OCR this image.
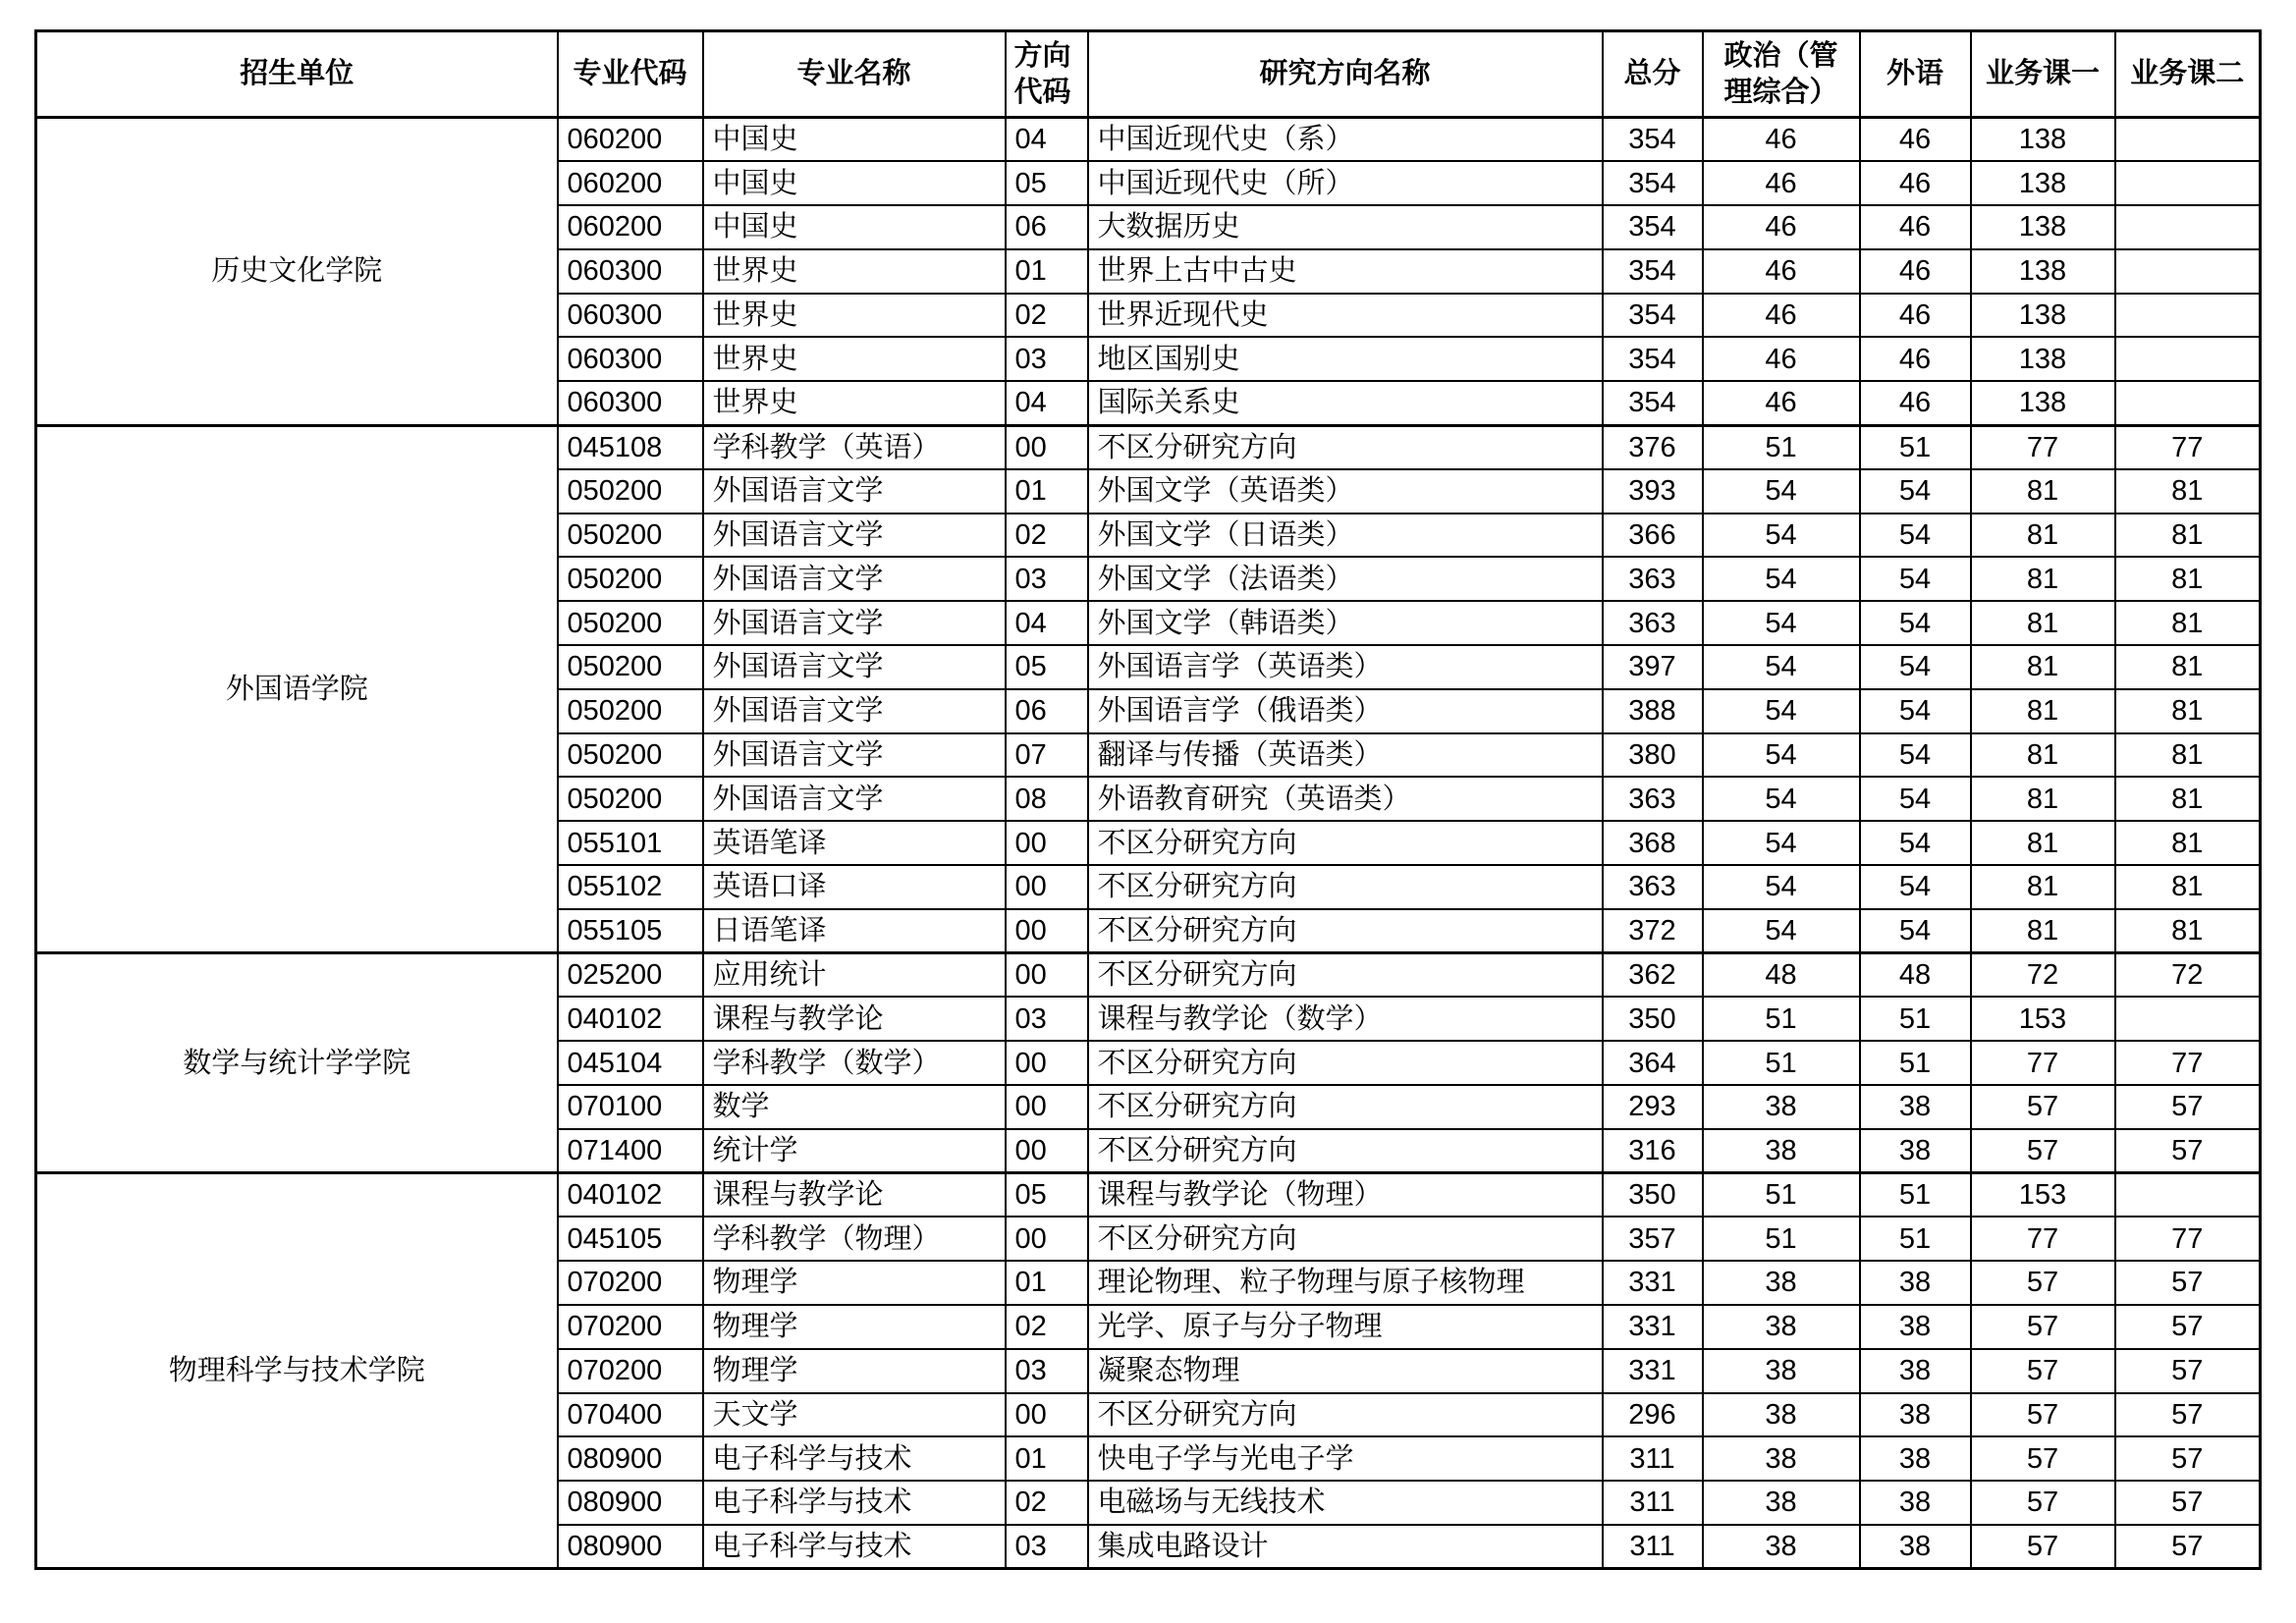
招生单位	专业代码	专业名称	方向代码	研究方向名称	总分	政治（管理综合）	外语	业务课一	业务课二
历史文化学院	060200	中国史	04	中国近现代史（系）	354	46	46	138	
	060200	中国史	05	中国近现代史（所）	354	46	46	138	
	060200	中国史	06	大数据历史	354	46	46	138	
	060300	世界史	01	世界上古中古史	354	46	46	138	
	060300	世界史	02	世界近现代史	354	46	46	138	
	060300	世界史	03	地区国别史	354	46	46	138	
	060300	世界史	04	国际关系史	354	46	46	138	
外国语学院	045108	学科教学（英语）	00	不区分研究方向	376	51	51	77	77
	050200	外国语言文学	01	外国文学（英语类）	393	54	54	81	81
	050200	外国语言文学	02	外国文学（日语类）	366	54	54	81	81
	050200	外国语言文学	03	外国文学（法语类）	363	54	54	81	81
	050200	外国语言文学	04	外国文学（韩语类）	363	54	54	81	81
	050200	外国语言文学	05	外国语言学（英语类）	397	54	54	81	81
	050200	外国语言文学	06	外国语言学（俄语类）	388	54	54	81	81
	050200	外国语言文学	07	翻译与传播（英语类）	380	54	54	81	81
	050200	外国语言文学	08	外语教育研究（英语类）	363	54	54	81	81
	055101	英语笔译	00	不区分研究方向	368	54	54	81	81
	055102	英语口译	00	不区分研究方向	363	54	54	81	81
	055105	日语笔译	00	不区分研究方向	372	54	54	81	81
数学与统计学学院	025200	应用统计	00	不区分研究方向	362	48	48	72	72
	040102	课程与教学论	03	课程与教学论（数学）	350	51	51	153	
	045104	学科教学（数学）	00	不区分研究方向	364	51	51	77	77
	070100	数学	00	不区分研究方向	293	38	38	57	57
	071400	统计学	00	不区分研究方向	316	38	38	57	57
物理科学与技术学院	040102	课程与教学论	05	课程与教学论（物理）	350	51	51	153	
	045105	学科教学（物理）	00	不区分研究方向	357	51	51	77	77
	070200	物理学	01	理论物理、粒子物理与原子核物理	331	38	38	57	57
	070200	物理学	02	光学、原子与分子物理	331	38	38	57	57
	070200	物理学	03	凝聚态物理	331	38	38	57	57
	070400	天文学	00	不区分研究方向	296	38	38	57	57
	080900	电子科学与技术	01	快电子学与光电子学	311	38	38	57	57
	080900	电子科学与技术	02	电磁场与无线技术	311	38	38	57	57
	080900	电子科学与技术	03	集成电路设计	311	38	38	57	57
